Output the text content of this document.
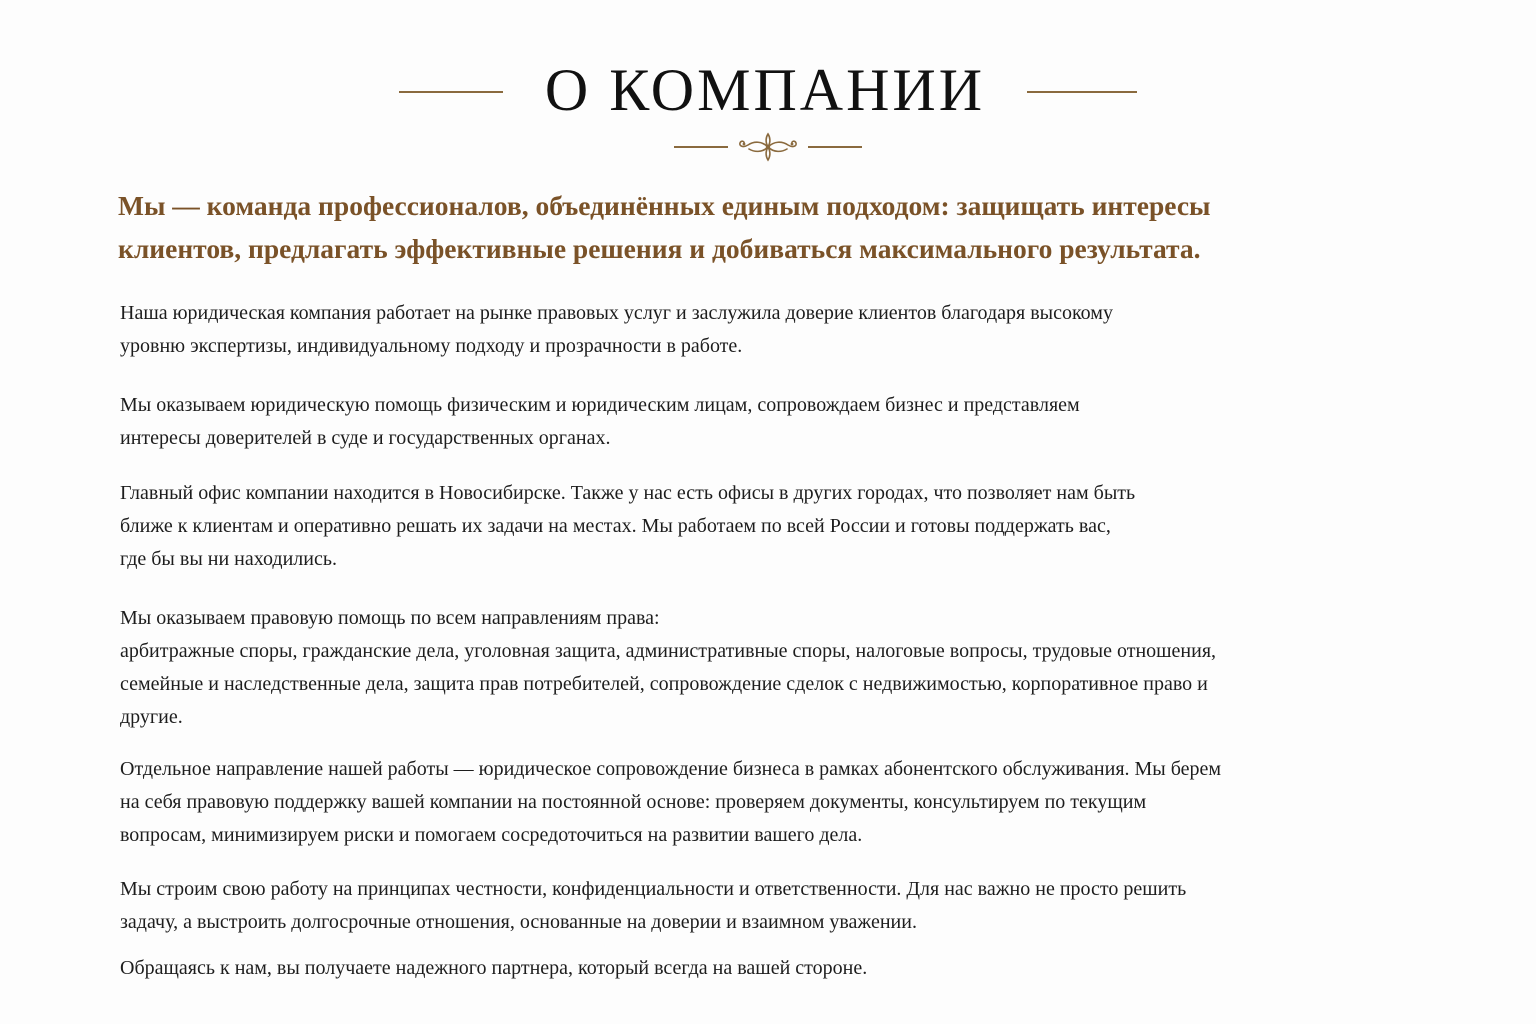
О КОМПАНИИ

Мы — команда профессионалов, объединённых единым подходом: защищать интересы
клиентов, предлагать эффективные решения и добиваться максимального результата.

Наша юридическая компания работает на рынке правовых услуг и заслужила доверие клиентов благодаря высокому
уровню экспертизы, индивидуальному подходу и прозрачности в работе.

Мы оказываем юридическую помощь физическим и юридическим лицам, сопровождаем бизнес и представляем
интересы доверителей в суде и государственных органах.

Главный офис компании находится в Новосибирске. Также у нас есть офисы в других городах, что позволяет нам быть
ближе к клиентам и оперативно решать их задачи на местах. Мы работаем по всей России и готовы поддержать вас,
где бы вы ни находились.

Мы оказываем правовую помощь по всем направлениям права:
арбитражные споры, гражданские дела, уголовная защита, административные споры, налоговые вопросы, трудовые отношения,
семейные и наследственные дела, защита прав потребителей, сопровождение сделок с недвижимостью, корпоративное право и
другие.

Отдельное направление нашей работы — юридическое сопровождение бизнеса в рамках абонентского обслуживания. Мы берем
на себя правовую поддержку вашей компании на постоянной основе: проверяем документы, консультируем по текущим
вопросам, минимизируем риски и помогаем сосредоточиться на развитии вашего дела.

Мы строим свою работу на принципах честности, конфиденциальности и ответственности. Для нас важно не просто решить
задачу, а выстроить долгосрочные отношения, основанные на доверии и взаимном уважении.

Обращаясь к нам, вы получаете надежного партнера, который всегда на вашей стороне.
